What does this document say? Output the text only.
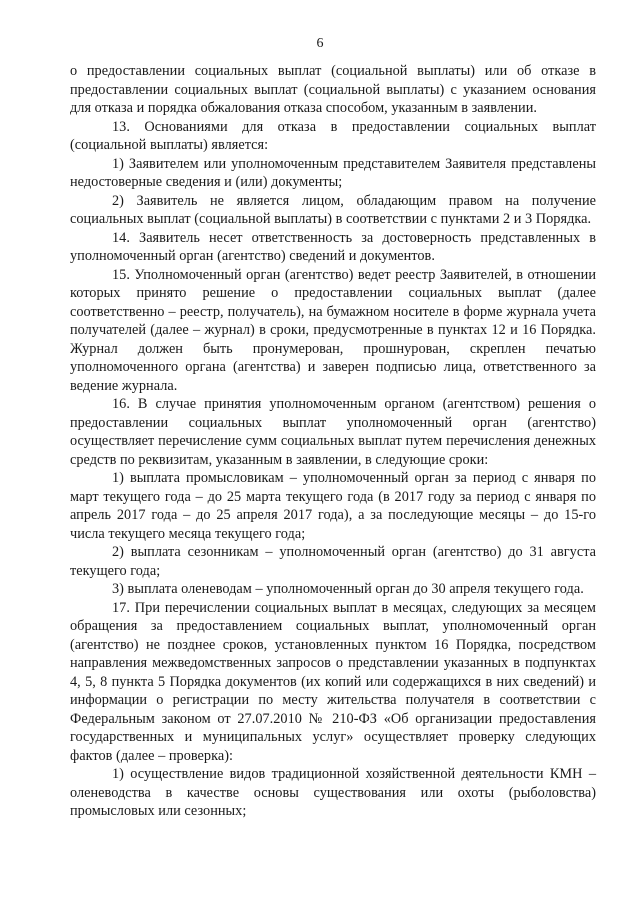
6

о предоставлении социальных выплат (социальной выплаты) или об отказе в предоставлении социальных выплат (социальной выплаты) с указанием основания для отказа и порядка обжалования отказа способом, указанным в заявлении.

13. Основаниями для отказа в предоставлении социальных выплат (социальной выплаты) является:

1) Заявителем или уполномоченным представителем Заявителя представлены недостоверные сведения и (или) документы;

2) Заявитель не является лицом, обладающим правом на получение социальных выплат (социальной выплаты) в соответствии с пунктами 2 и 3 Порядка.

14. Заявитель несет ответственность за достоверность представленных в уполномоченный орган (агентство) сведений и документов.

15. Уполномоченный орган (агентство) ведет реестр Заявителей, в отношении которых принято решение о предоставлении социальных выплат (далее соответственно – реестр, получатель), на бумажном носителе в форме журнала учета получателей (далее – журнал) в сроки, предусмотренные в пунктах 12 и 16 Порядка. Журнал должен быть пронумерован, прошнурован, скреплен печатью уполномоченного органа (агентства) и заверен подписью лица, ответственного за ведение журнала.

16. В случае принятия уполномоченным органом (агентством) решения о предоставлении социальных выплат уполномоченный орган (агентство) осуществляет перечисление сумм социальных выплат путем перечисления денежных средств по реквизитам, указанным в заявлении, в следующие сроки:

1) выплата промысловикам – уполномоченный орган за период с января по март текущего года – до 25 марта текущего года (в 2017 году за период с января по апрель 2017 года – до 25 апреля 2017 года), а за последующие месяцы – до 15-го числа текущего месяца текущего года;

2) выплата сезонникам – уполномоченный орган (агентство) до 31 августа текущего года;

3) выплата оленеводам – уполномоченный орган до 30 апреля текущего года.

17. При перечислении социальных выплат в месяцах, следующих за месяцем обращения за предоставлением социальных выплат, уполномоченный орган (агентство) не позднее сроков, установленных пунктом 16 Порядка, посредством направления межведомственных запросов о представлении указанных в подпунктах 4, 5, 8 пункта 5 Порядка документов (их копий или содержащихся в них сведений) и информации о регистрации по месту жительства получателя в соответствии с Федеральным законом от 27.07.2010 № 210-ФЗ «Об организации предоставления государственных и муниципальных услуг» осуществляет проверку следующих фактов (далее – проверка):

1) осуществление видов традиционной хозяйственной деятельности КМН – оленеводства в качестве основы существования или охоты (рыболовства) промысловых или сезонных;
